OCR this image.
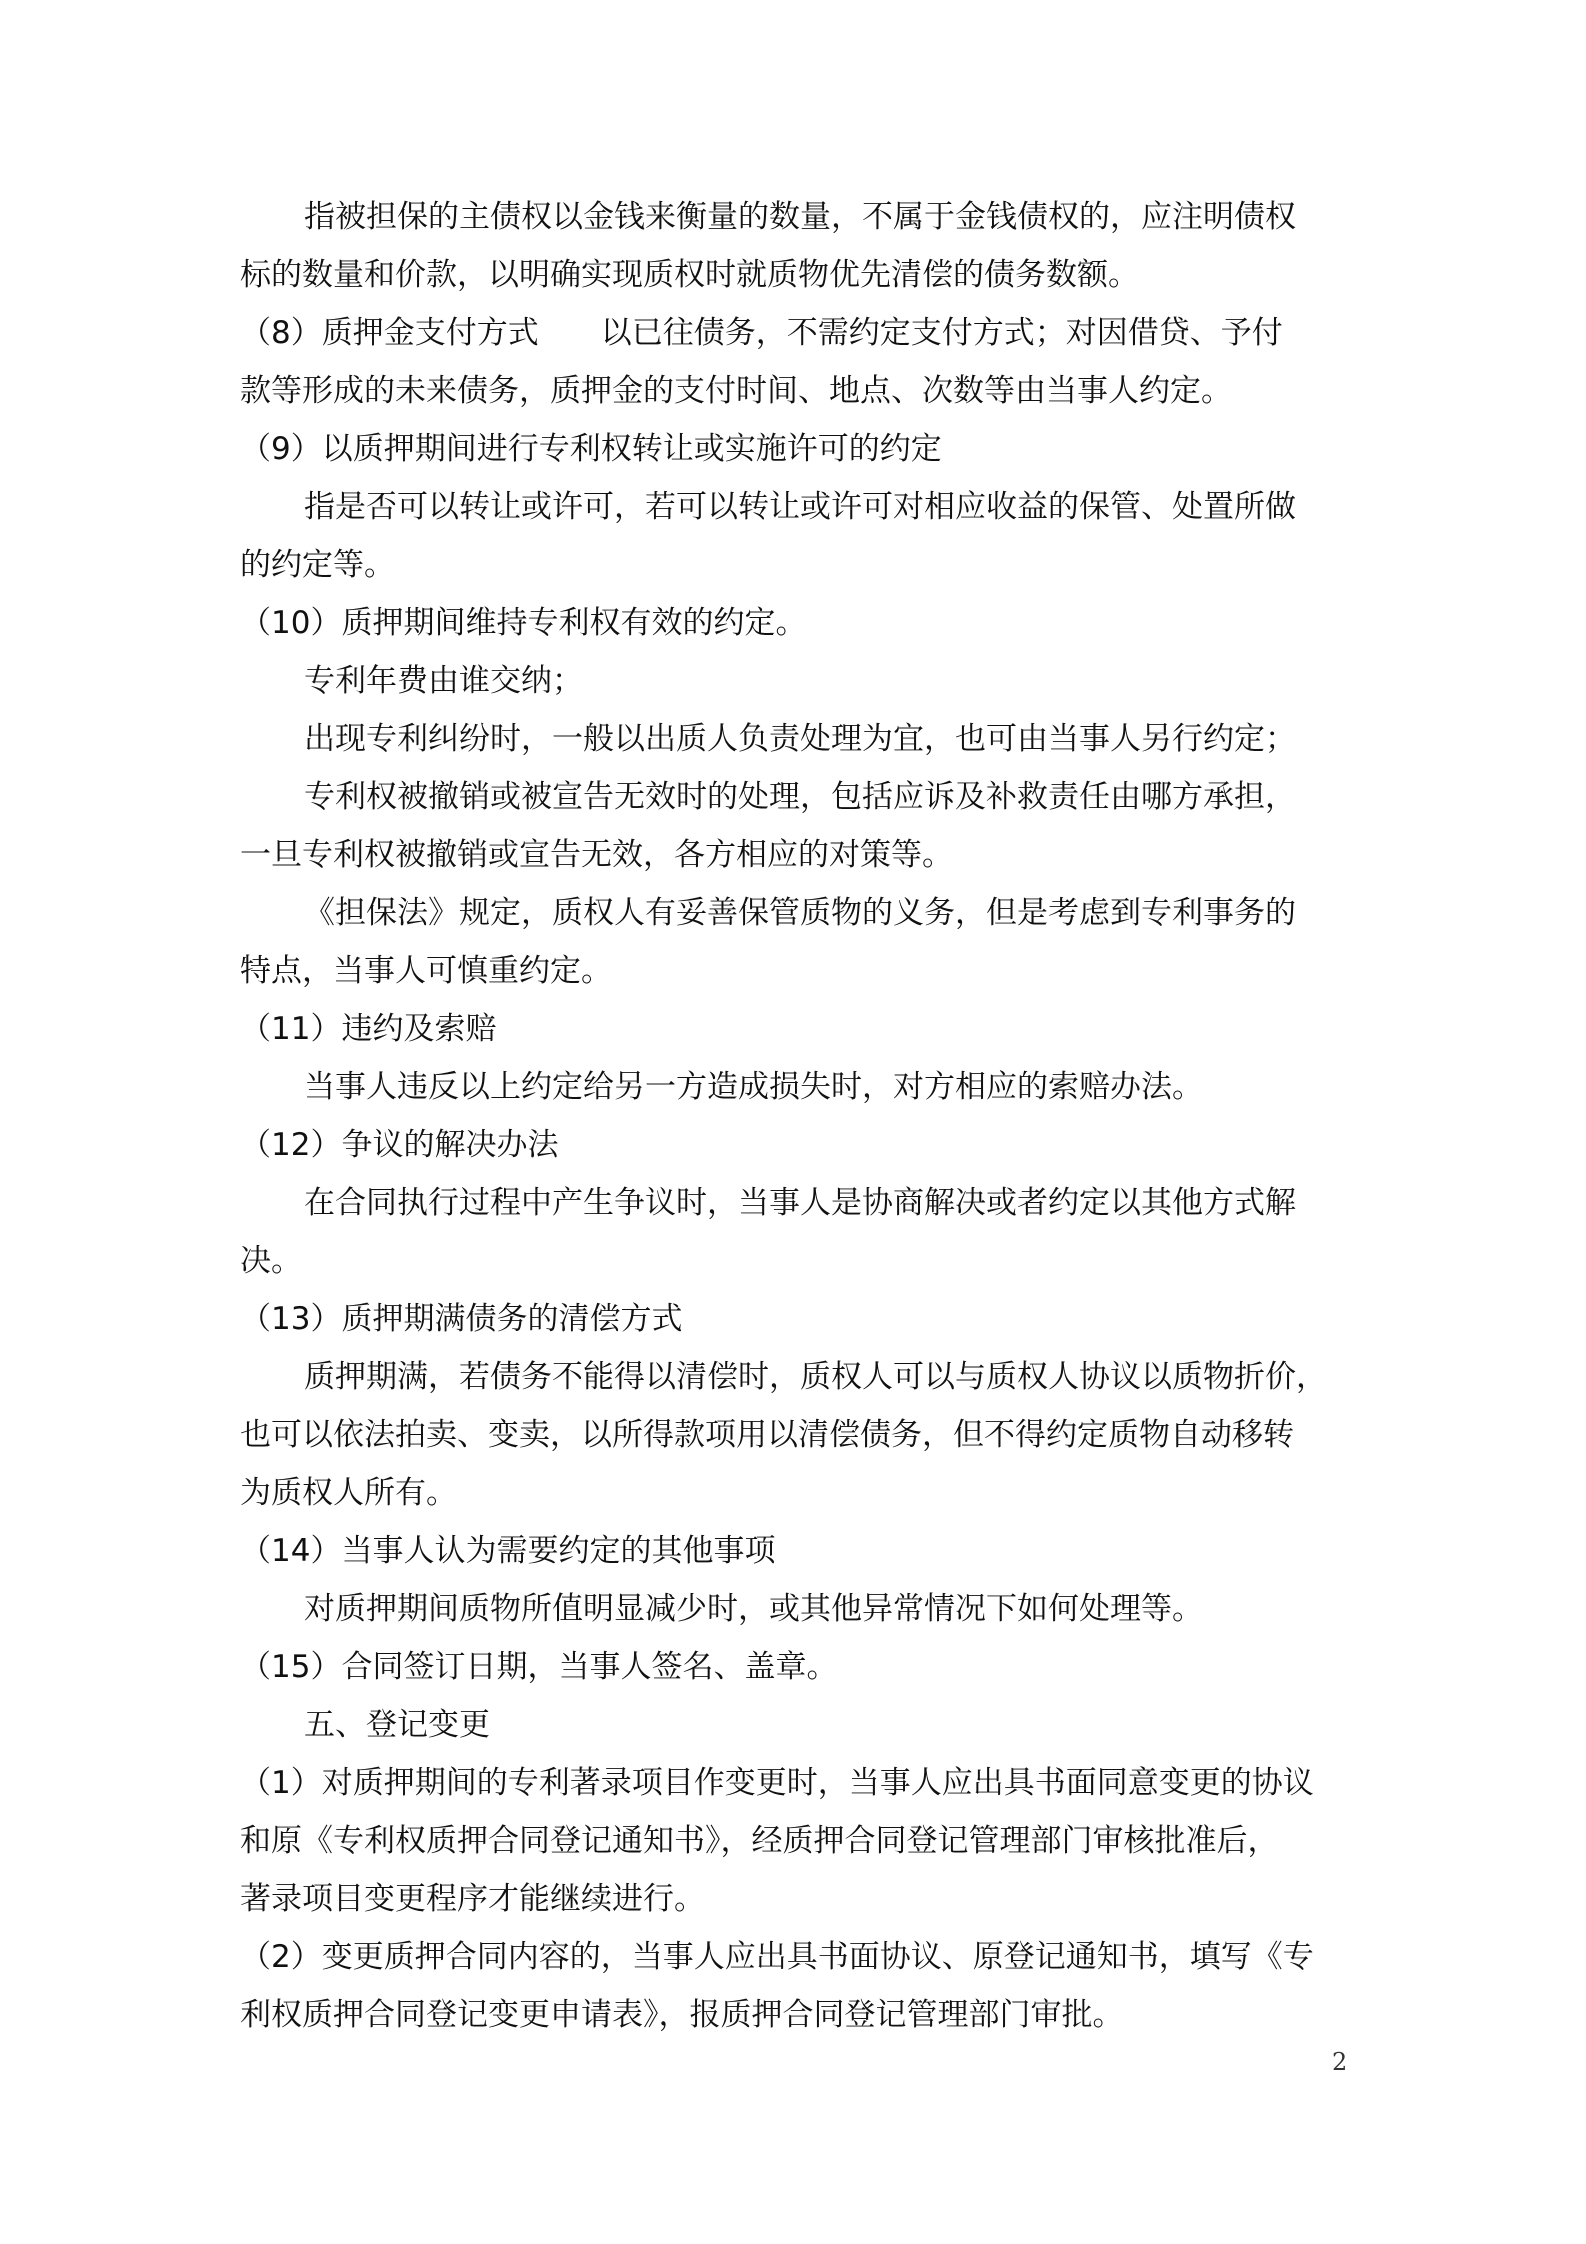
指被担保的主债权以金钱来衡量的数量，不属于金钱债权的，应注明债权

标的数量和价款，以明确实现质权时就质物优先清偿的债务数额。

（8）质押金支付方式　　以已往债务，不需约定支付方式；对因借贷、予付

款等形成的未来债务，质押金的支付时间、地点、次数等由当事人约定。

（9）以质押期间进行专利权转让或实施许可的约定

指是否可以转让或许可，若可以转让或许可对相应收益的保管、处置所做

的约定等。

（10）质押期间维持专利权有效的约定。

专利年费由谁交纳；

出现专利纠纷时，一般以出质人负责处理为宜，也可由当事人另行约定；

专利权被撤销或被宣告无效时的处理，包括应诉及补救责任由哪方承担，

一旦专利权被撤销或宣告无效，各方相应的对策等。

《担保法》规定，质权人有妥善保管质物的义务，但是考虑到专利事务的

特点，当事人可慎重约定。

（11）违约及索赔

当事人违反以上约定给另一方造成损失时，对方相应的索赔办法。

（12）争议的解决办法

在合同执行过程中产生争议时，当事人是协商解决或者约定以其他方式解

决。

（13）质押期满债务的清偿方式

质押期满，若债务不能得以清偿时，质权人可以与质权人协议以质物折价，

也可以依法拍卖、变卖，以所得款项用以清偿债务，但不得约定质物自动移转

为质权人所有。

（14）当事人认为需要约定的其他事项

对质押期间质物所值明显减少时，或其他异常情况下如何处理等。

（15）合同签订日期，当事人签名、盖章。

五、登记变更

（1）对质押期间的专利著录项目作变更时，当事人应出具书面同意变更的协议

和原《专利权质押合同登记通知书》，经质押合同登记管理部门审核批准后，

著录项目变更程序才能继续进行。

（2）变更质押合同内容的，当事人应出具书面协议、原登记通知书，填写《专

利权质押合同登记变更申请表》，报质押合同登记管理部门审批。

2
